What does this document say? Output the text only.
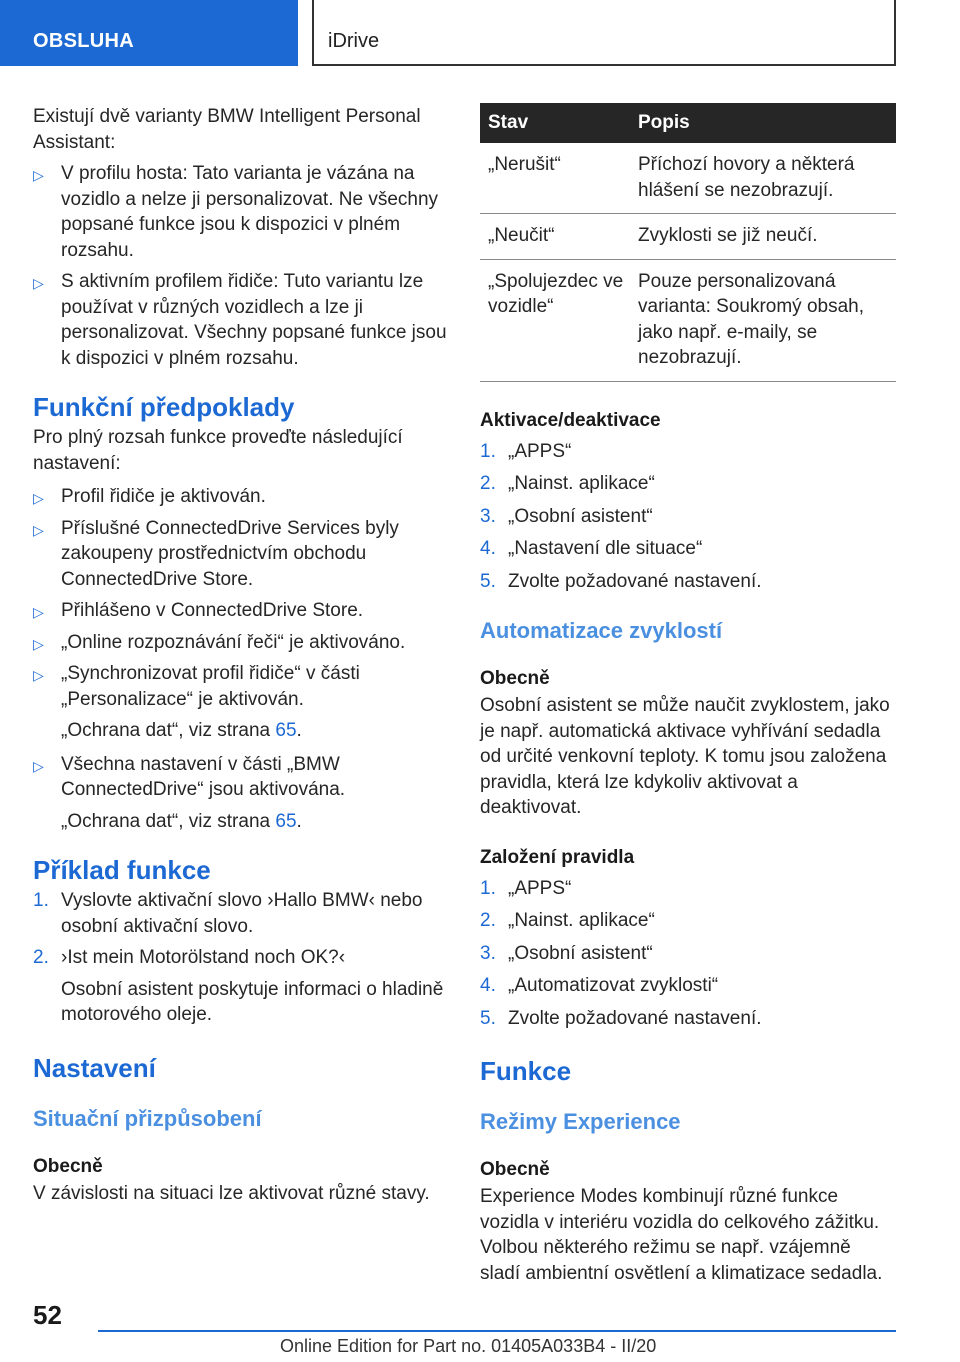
OBSLUHA	iDrive

Existují dvě varianty BMW Intelligent Personal Assistant:

▷ V profilu hosta: Tato varianta je vázána na vozidlo a nelze ji personalizovat. Ne všechny popsané funkce jsou k dispozici v plném rozsahu.
▷ S aktivním profilem řidiče: Tuto variantu lze používat v různých vozidlech a lze ji personalizovat. Všechny popsané funkce jsou k dispozici v plném rozsahu.
Funkční předpoklady

Pro plný rozsah funkce proveďte následující nastavení:

▷ Profil řidiče je aktivován.
▷ Příslušné ConnectedDrive Services byly zakoupeny prostřednictvím obchodu ConnectedDrive Store.
▷ Přihlášeno v ConnectedDrive Store.
▷ „Online rozpoznávání řeči“ je aktivováno.
▷ „Synchronizovat profil řidiče“ v části „Personalizace“ je aktivován.
„Ochrana dat“, viz strana 65.
▷ Všechna nastavení v části „BMW ConnectedDrive“ jsou aktivována.
„Ochrana dat“, viz strana 65.
Příklad funkce
1. Vyslovte aktivační slovo ›Hallo BMW‹ nebo osobní aktivační slovo.
2. ›Ist mein Motorölstand noch OK?‹
Osobní asistent poskytuje informaci o hladině motorového oleje.
Nastavení
Situační přizpůsobení
Obecně

V závislosti na situaci lze aktivovat různé stavy.

Stav	Popis
„Nerušit“	Příchozí hovory a některá hlášení se nezobrazují.
„Neučit“	Zvyklosti se již neučí.
„Spolujezdec ve vozidle“	Pouze personalizovaná varianta: Soukromý obsah, jako např. e-maily, se nezobrazují.
Aktivace/deaktivace
1. „APPS“
2. „Nainst. aplikace“
3. „Osobní asistent“
4. „Nastavení dle situace“
5. Zvolte požadované nastavení.
Automatizace zvyklostí
Obecně

Osobní asistent se může naučit zvyklostem, jako je např. automatická aktivace vyhřívání sedadla od určité venkovní teploty. K tomu jsou založena pravidla, která lze kdykoliv aktivovat a deaktivovat.

Založení pravidla
1. „APPS“
2. „Nainst. aplikace“
3. „Osobní asistent“
4. „Automatizovat zvyklosti“
5. Zvolte požadované nastavení.
Funkce
Režimy Experience
Obecně

Experience Modes kombinují různé funkce vozidla v interiéru vozidla do celkového zážitku. Volbou některého režimu se např. vzájemně sladí ambientní osvětlení a klimatizace sedadla.

52
Online Edition for Part no. 01405A033B4 - II/20
